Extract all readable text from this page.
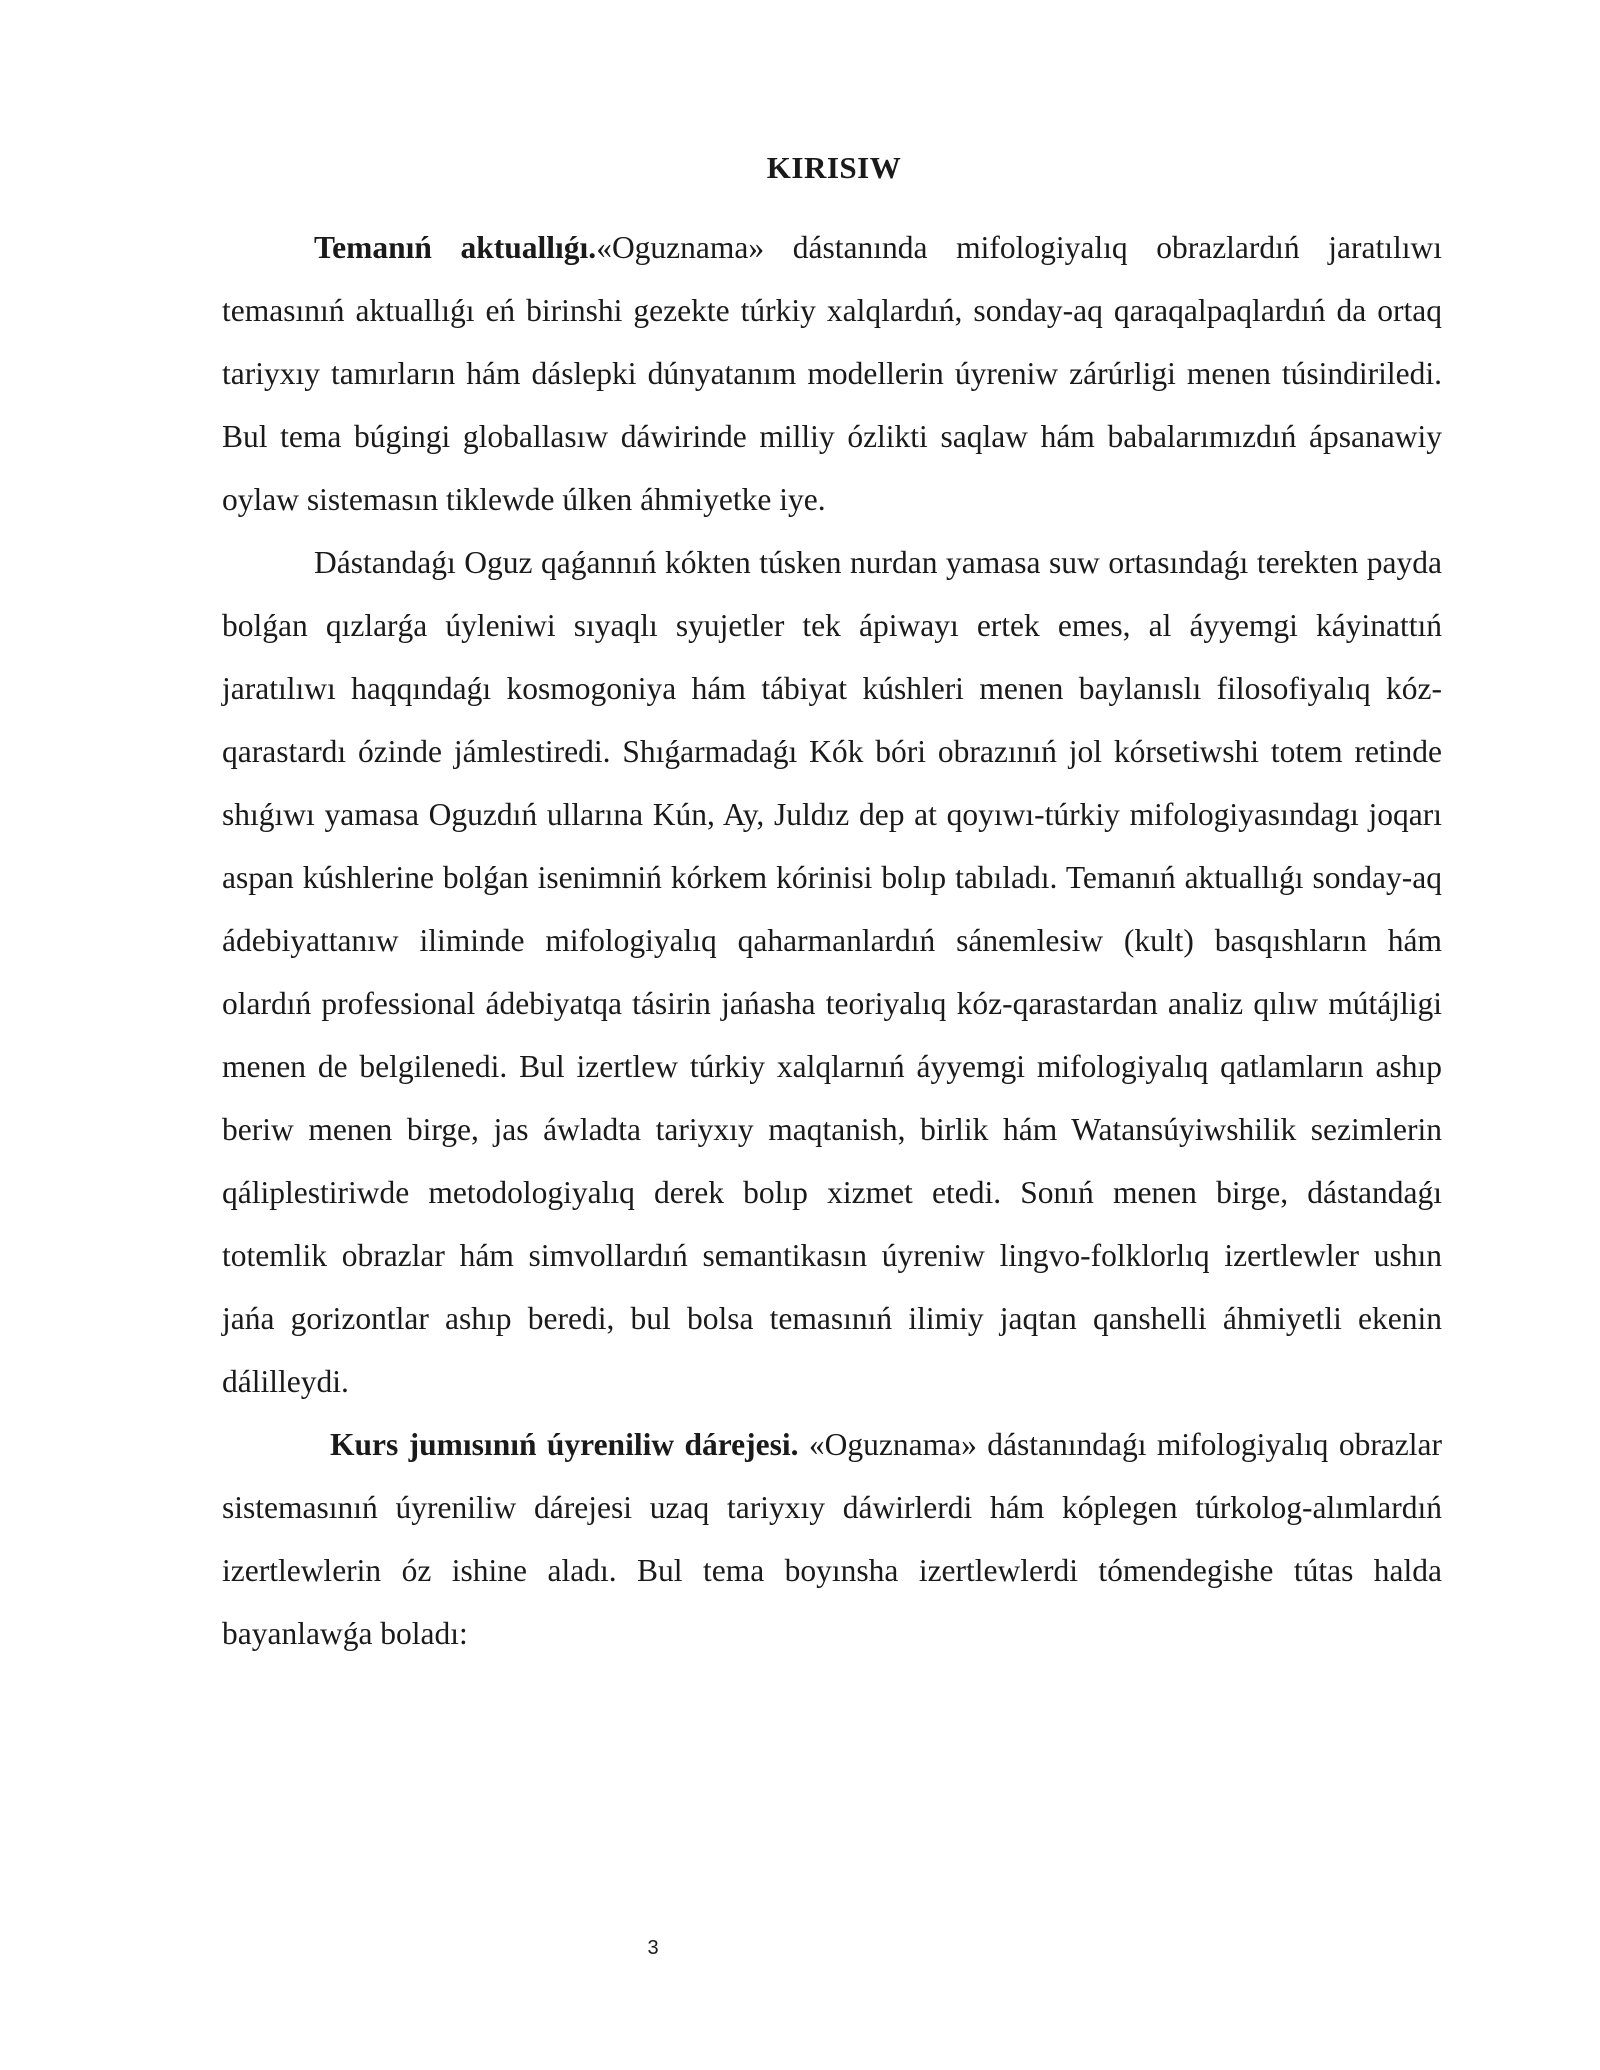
KIRISIW

Temanıń aktuallıǵı.«Oguznama» dástanında mifologiyalıq obrazlardıń jaratılıwı temasınıń aktuallıǵı eń birinshi gezekte túrkiy xalqlardıń, sonday-aq qaraqalpaqlardıń da ortaq tariyxıy tamırların hám dáslepki dúnyatanım modellerin úyreniw zárúrligi menen túsindiriledi. Bul tema búgingi globallasıw dáwirinde milliy ózlikti saqlaw hám babalarımızdıń ápsanawiy oylaw sistemasın tiklewde úlken áhmiyetke iye.

Dástandaǵı Oguz qaǵannıń kókten túsken nurdan yamasa suw ortasındaǵı terekten payda bolǵan qızlarǵa úyleniwi sıyaqlı syujetler tek ápiwayı ertek emes, al áyyemgi káyinattıń jaratılıwı haqqındaǵı kosmogoniya hám tábiyat kúshleri menen baylanıslı filosofiyalıq kóz-qarastardı ózinde jámlestiredi. Shıǵarmadaǵı Kók bóri obrazınıń jol kórsetiwshi totem retinde shıǵıwı yamasa Oguzdıń ullarına Kún, Ay, Juldız dep at qoyıwı-túrkiy mifologiyasındagı joqarı aspan kúshlerine bolǵan isenimniń kórkem kórinisi bolıp tabıladı. Temanıń aktuallıǵı sonday-aq ádebiyattanıw iliminde mifologiyalıq qaharmanlardıń sánemlesiw (kult) basqıshların hám olardıń professional ádebiyatqa tásirin jańasha teoriyalıq kóz-qarastardan analiz qılıw mútájligi menen de belgilenedi. Bul izertlew túrkiy xalqlarnıń áyyemgi mifologiyalıq qatlamların ashıp beriw menen birge, jas áwladta tariyxıy maqtanish, birlik hám Watansúyiwshilik sezimlerin qáliplestiriwde metodologiyalıq derek bolıp xizmet etedi. Sonıń menen birge, dástandaǵı totemlik obrazlar hám simvollardıń semantikasın úyreniw lingvo-folklorlıq izertlewler ushın jańa gorizontlar ashıp beredi, bul bolsa temasınıń ilimiy jaqtan qanshelli áhmiyetli ekenin dálilleydi.

Kurs jumısınıń úyreniliw dárejesi. «Oguznama» dástanındaǵı mifologiyalıq obrazlar sistemasınıń úyreniliw dárejesi uzaq tariyxıy dáwirlerdi hám kóplegen túrkolog-alımlardıń izertlewlerin óz ishine aladı. Bul tema boyınsha izertlewlerdi tómendegishe tútas halda bayanlawǵa boladı:

3
